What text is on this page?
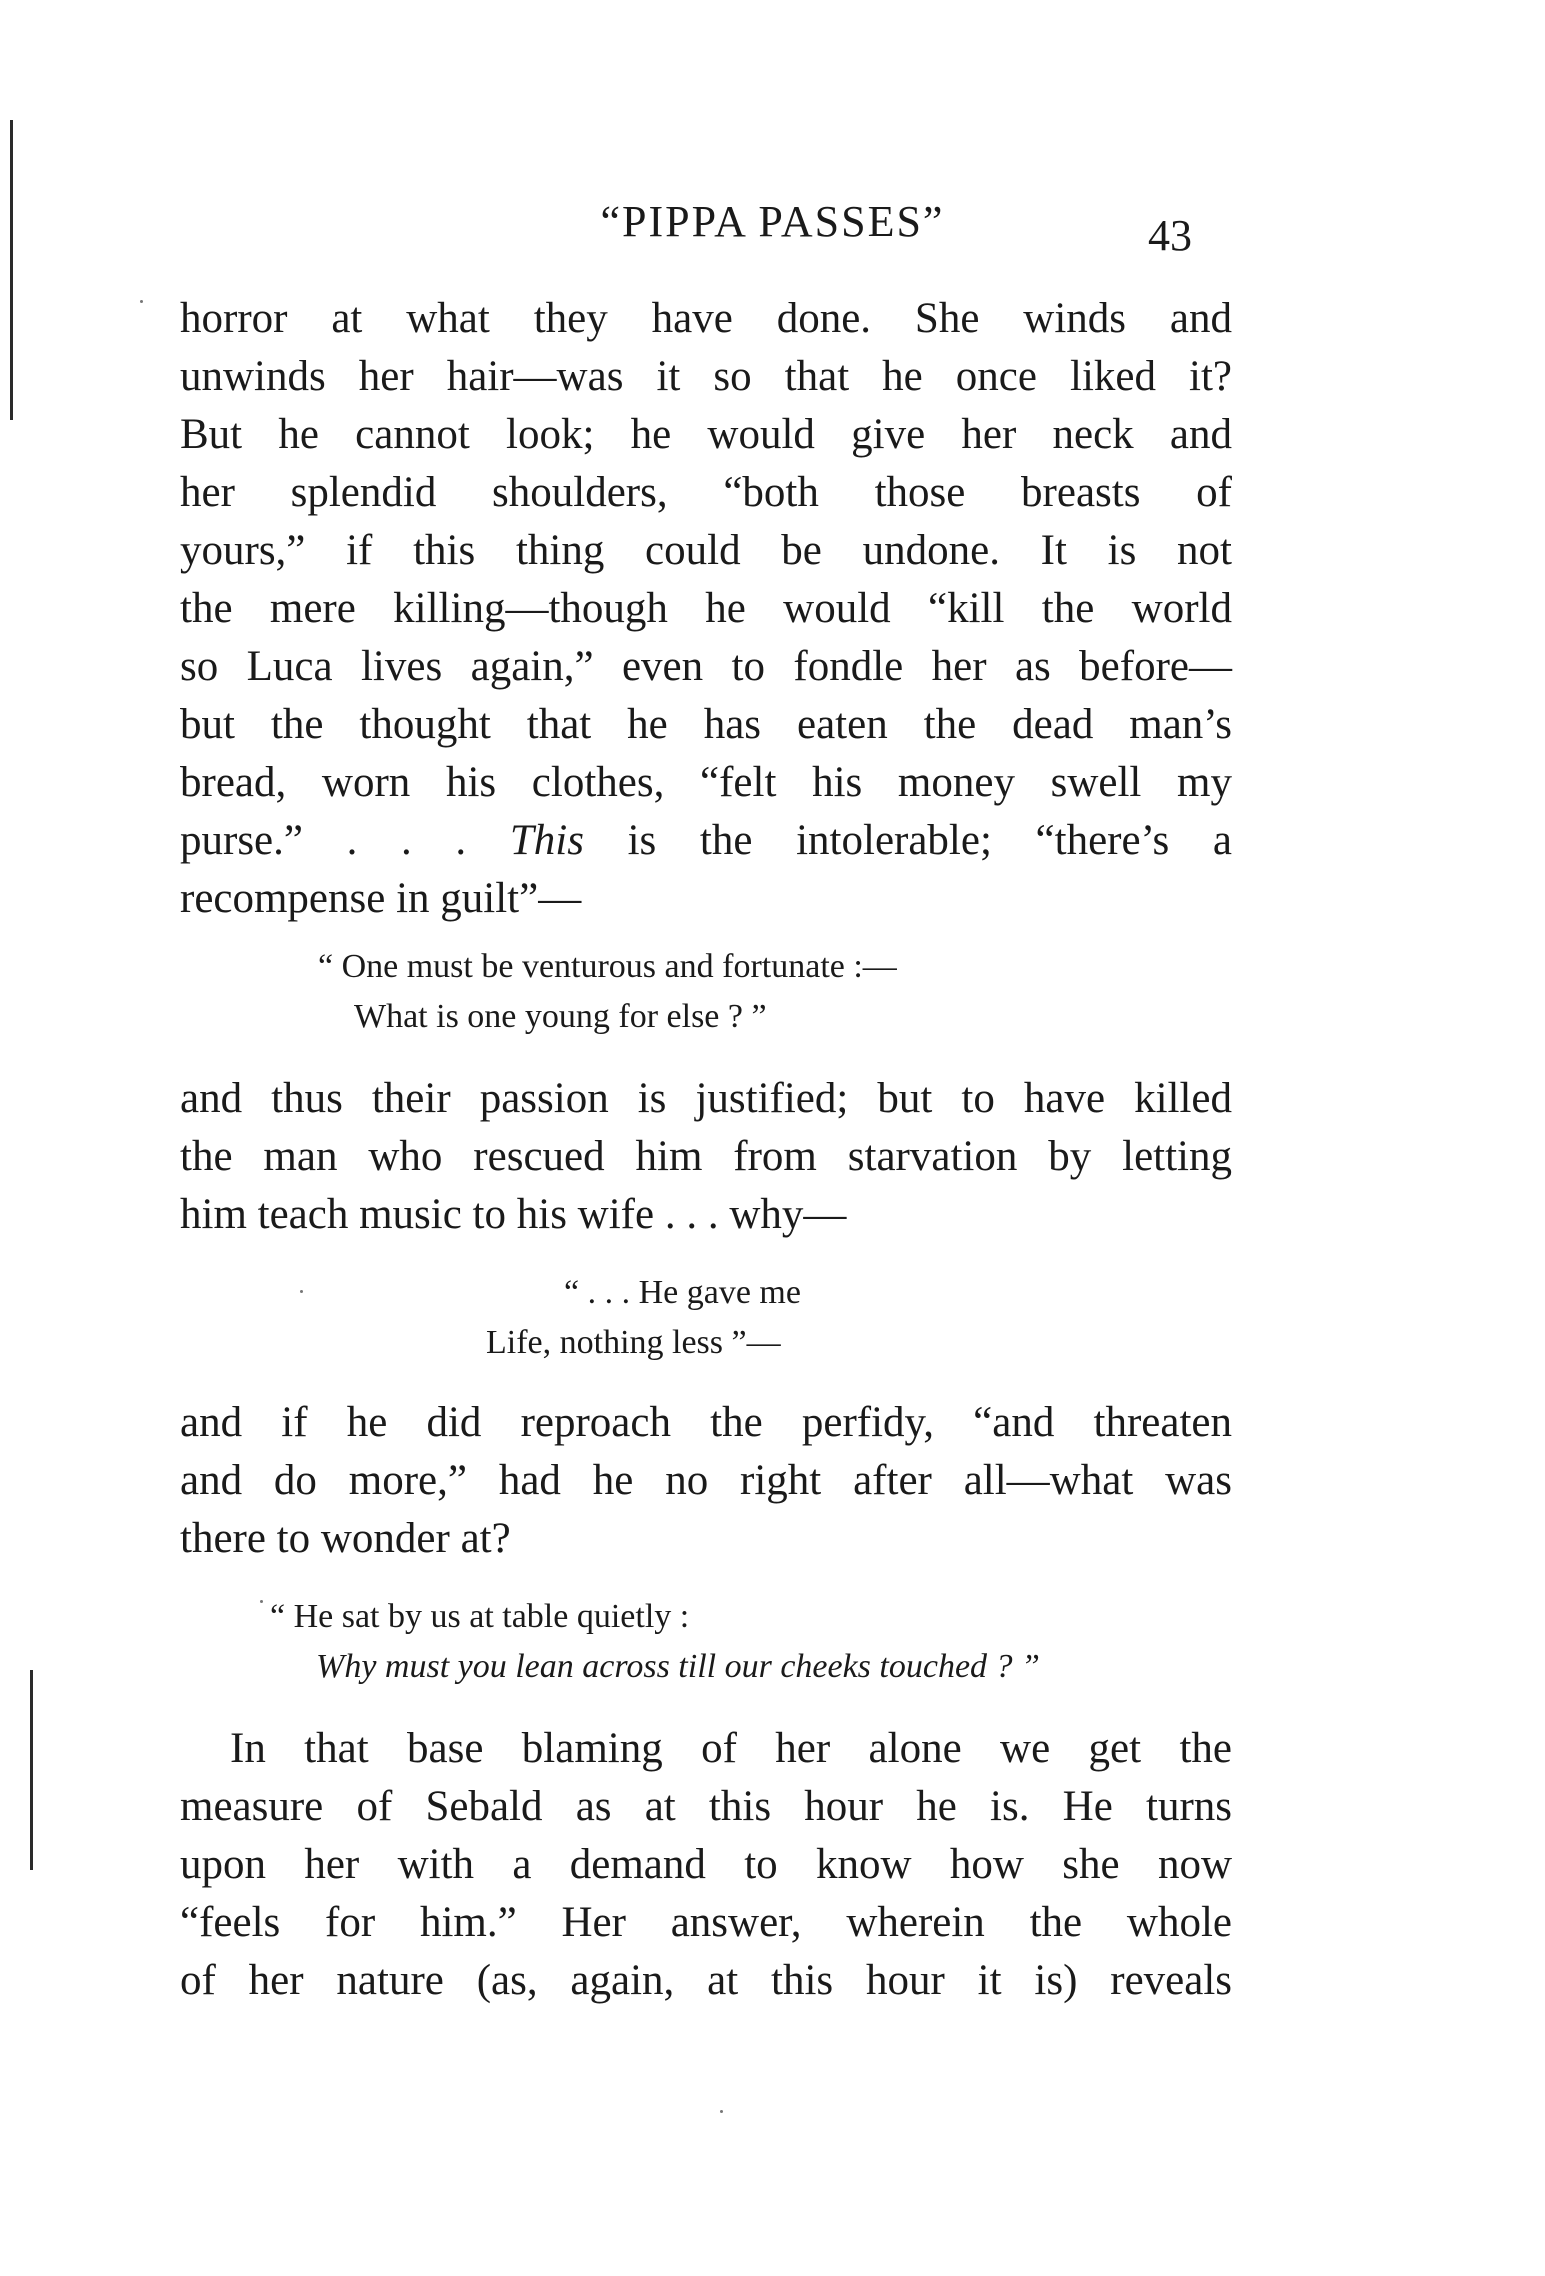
“PIPPA PASSES”	43
horror at what they have done. She winds and
unwinds her hair—was it so that he once liked it?
But he cannot look; he would give her neck and
her splendid shoulders, “both those breasts of
yours,” if this thing could be undone. It is not
the mere killing—though he would “kill the world
so Luca lives again,” even to fondle her as before—
but the thought that he has eaten the dead man’s
bread, worn his clothes, “felt his money swell my
purse.” . . . This is the intolerable; “there’s a
recompense in guilt”—
“ One must be venturous and fortunate :—
What is one young for else ? ”
and thus their passion is justified; but to have killed
the man who rescued him from starvation by letting
him teach music to his wife . . . why—
“ . . . He gave me
Life, nothing less ”—
and if he did reproach the perfidy, “and threaten
and do more,” had he no right after all—what was
there to wonder at?
“ He sat by us at table quietly :
Why must you lean across till our cheeks touched ? ”
In that base blaming of her alone we get the
measure of Sebald as at this hour he is. He turns
upon her with a demand to know how she now
“feels for him.” Her answer, wherein the whole
of her nature (as, again, at this hour it is) reveals
